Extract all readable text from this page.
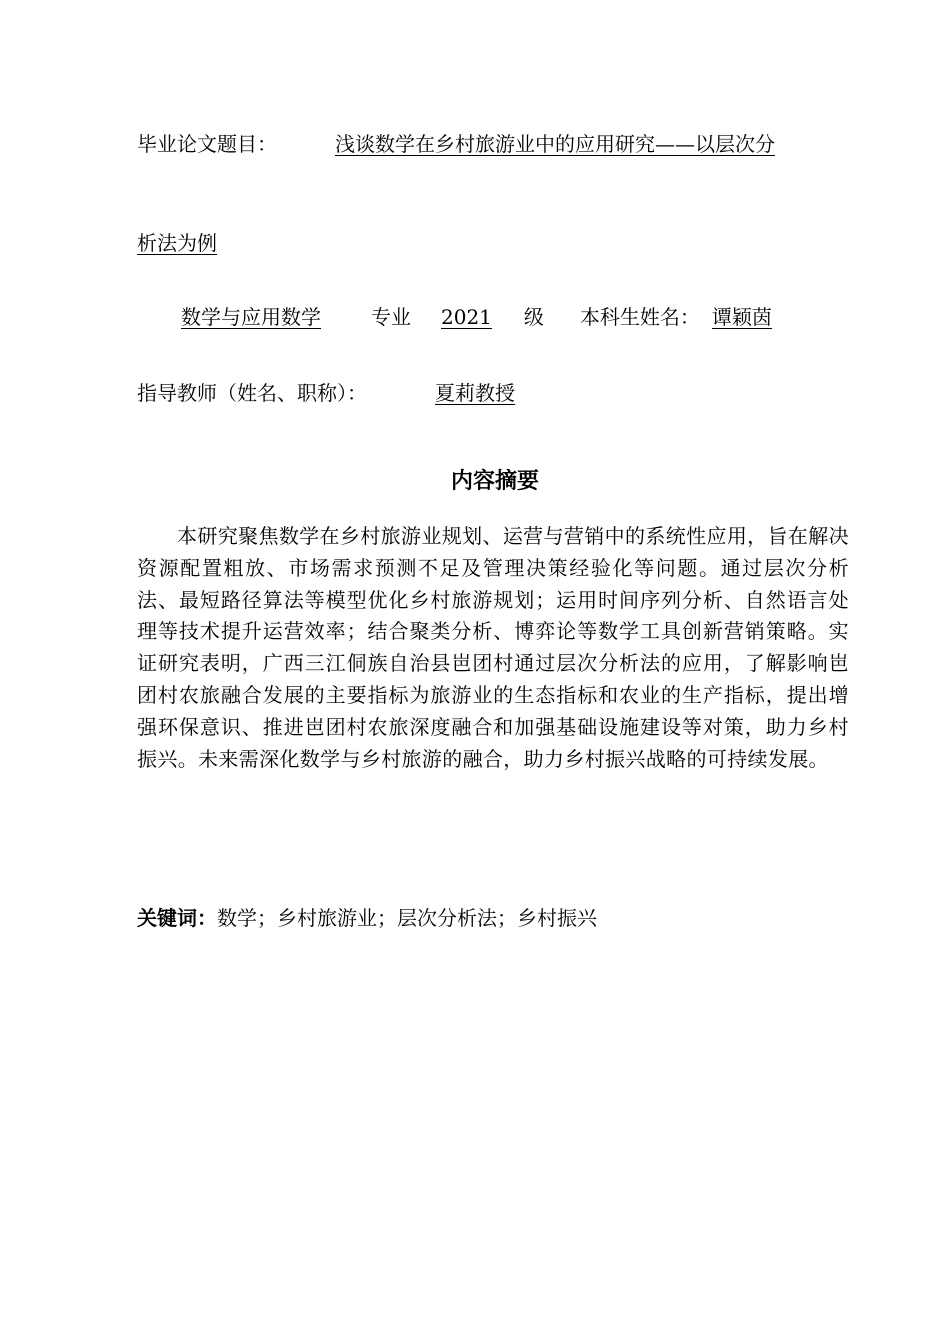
毕业论文题目：	浅谈数学在乡村旅游业中的应用研究——以层次分
析法为例
数学与应用数学	专业 2021 级 本科生姓名： 谭颖茵
指导教师（姓名、职称）：	夏莉教授
内容摘要
本研究聚焦数学在乡村旅游业规划、运营与营销中的系统性应用，旨在解决资源配置粗放、市场需求预测不足及管理决策经验化等问题。通过层次分析法、最短路径算法等模型优化乡村旅游规划；运用时间序列分析、自然语言处理等技术提升运营效率；结合聚类分析、博弈论等数学工具创新营销策略。实证研究表明，广西三江侗族自治县岜团村通过层次分析法的应用，了解影响岜团村农旅融合发展的主要指标为旅游业的生态指标和农业的生产指标，提出增强环保意识、推进岜团村农旅深度融合和加强基础设施建设等对策，助力乡村振兴。未来需深化数学与乡村旅游的融合，助力乡村振兴战略的可持续发展。
关键词：数学；乡村旅游业；层次分析法；乡村振兴
